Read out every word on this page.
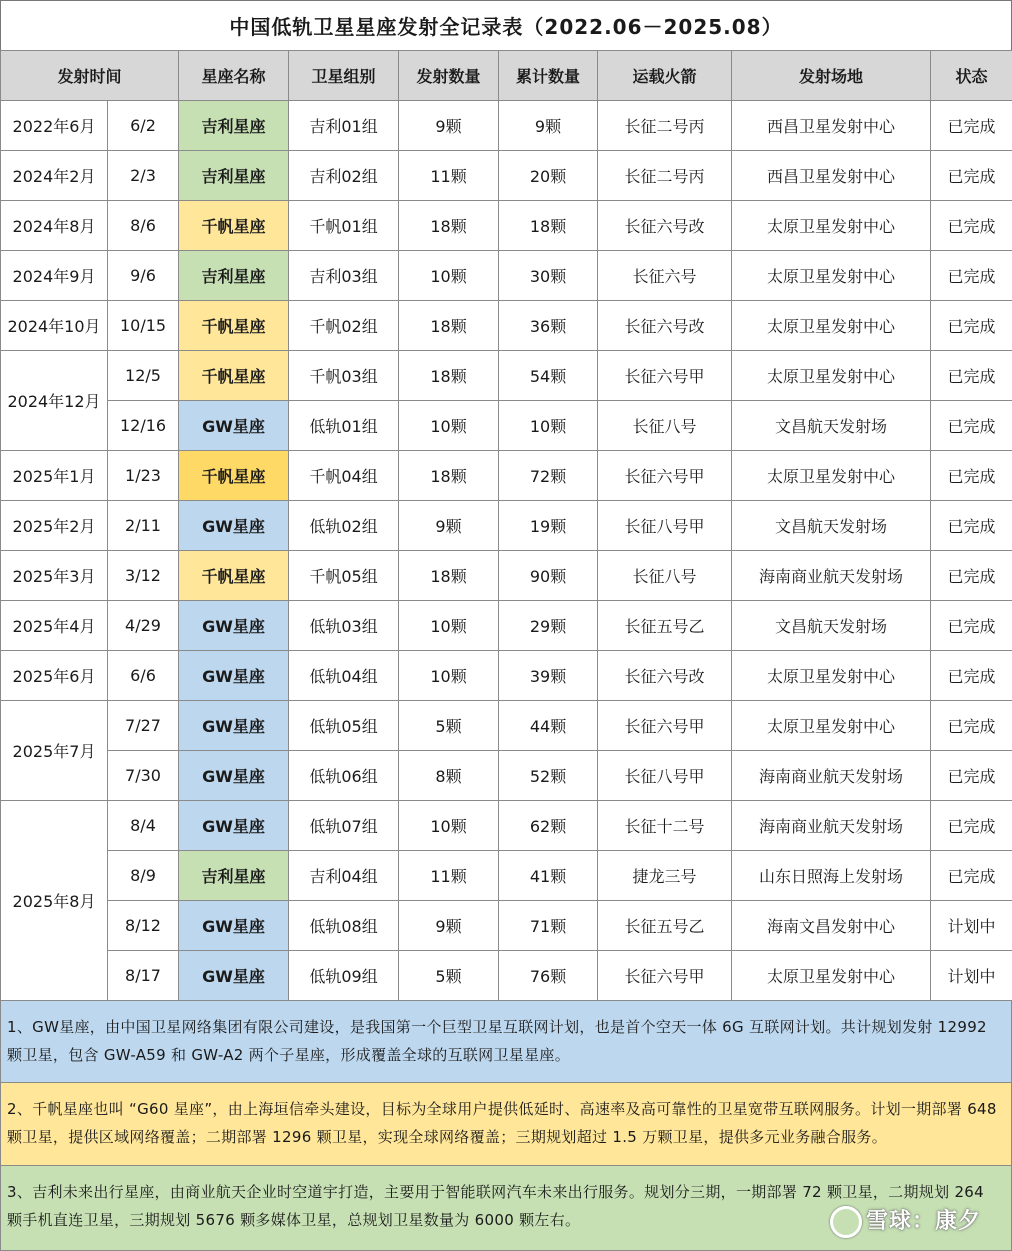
中国低轨卫星星座发射全记录表（2022.06－2025.08）
发射时间		星座名称	卫星组别	发射数量	累计数量	运载火箭	发射场地	状态
2022年6月	6/2	吉利星座	吉利01组	9颗	9颗	长征二号丙	西昌卫星发射中心	已完成
2024年2月	2/3	吉利星座	吉利02组	11颗	20颗	长征二号丙	西昌卫星发射中心	已完成
2024年8月	8/6	千帆星座	千帆01组	18颗	18颗	长征六号改	太原卫星发射中心	已完成
2024年9月	9/6	吉利星座	吉利03组	10颗	30颗	长征六号	太原卫星发射中心	已完成
2024年10月	10/15	千帆星座	千帆02组	18颗	36颗	长征六号改	太原卫星发射中心	已完成
2024年12月	12/5	千帆星座	千帆03组	18颗	54颗	长征六号甲	太原卫星发射中心	已完成
	12/16	GW星座	低轨01组	10颗	10颗	长征八号	文昌航天发射场	已完成
2025年1月	1/23	千帆星座	千帆04组	18颗	72颗	长征六号甲	太原卫星发射中心	已完成
2025年2月	2/11	GW星座	低轨02组	9颗	19颗	长征八号甲	文昌航天发射场	已完成
2025年3月	3/12	千帆星座	千帆05组	18颗	90颗	长征八号	海南商业航天发射场	已完成
2025年4月	4/29	GW星座	低轨03组	10颗	29颗	长征五号乙	文昌航天发射场	已完成
2025年6月	6/6	GW星座	低轨04组	10颗	39颗	长征六号改	太原卫星发射中心	已完成
2025年7月	7/27	GW星座	低轨05组	5颗	44颗	长征六号甲	太原卫星发射中心	已完成
	7/30	GW星座	低轨06组	8颗	52颗	长征八号甲	海南商业航天发射场	已完成
2025年8月	8/4	GW星座	低轨07组	10颗	62颗	长征十二号	海南商业航天发射场	已完成
	8/9	吉利星座	吉利04组	11颗	41颗	捷龙三号	山东日照海上发射场	已完成
	8/12	GW星座	低轨08组	9颗	71颗	长征五号乙	海南文昌发射中心	计划中
	8/17	GW星座	低轨09组	5颗	76颗	长征六号甲	太原卫星发射中心	计划中
1、GW星座，由中国卫星网络集团有限公司建设，是我国第一个巨型卫星互联网计划，也是首个空天一体 6G 互联网计划。共计规划发射 12992 颗卫星，包含 GW-A59 和 GW-A2 两个子星座，形成覆盖全球的互联网卫星星座。
2、千帆星座也叫 “G60 星座”，由上海垣信牵头建设，目标为全球用户提供低延时、高速率及高可靠性的卫星宽带互联网服务。计划一期部署 648 颗卫星，提供区域网络覆盖；二期部署 1296 颗卫星，实现全球网络覆盖；三期规划超过 1.5 万颗卫星，提供多元业务融合服务。
3、吉利未来出行星座，由商业航天企业时空道宇打造，主要用于智能联网汽车未来出行服务。规划分三期，一期部署 72 颗卫星，二期规划 264 颗手机直连卫星，三期规划 5676 颗多媒体卫星，总规划卫星数量为 6000 颗左右。	雪球：康夕
